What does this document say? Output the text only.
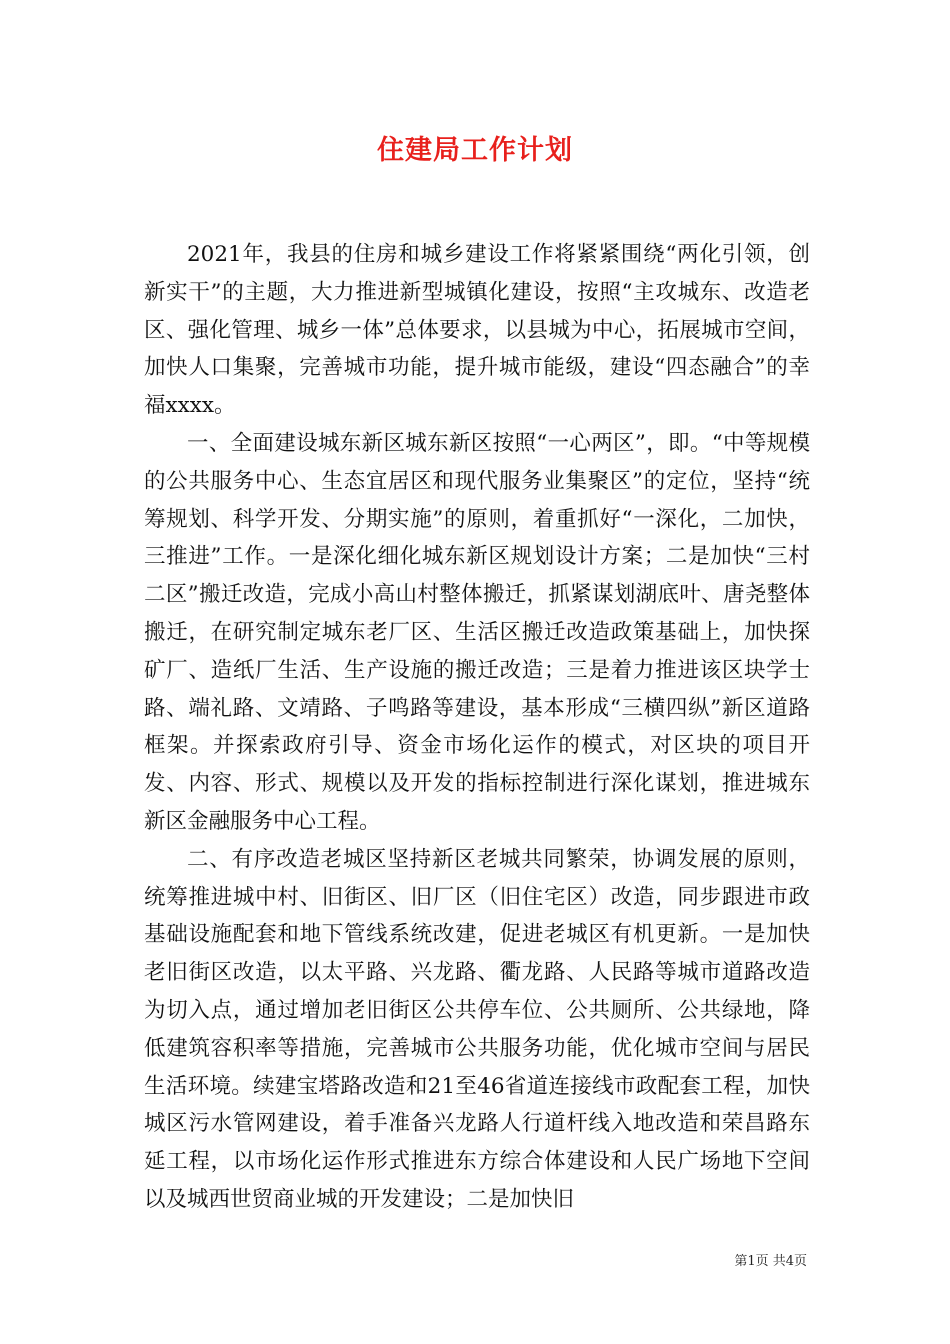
住建局工作计划

2021年，我县的住房和城乡建设工作将紧紧围绕“两化引领，创新实干”的主题，大力推进新型城镇化建设，按照“主攻城东、改造老区、强化管理、城乡一体”总体要求，以县城为中心，拓展城市空间，加快人口集聚，完善城市功能，提升城市能级，建设“四态融合”的幸福xxxx。

一、全面建设城东新区城东新区按照“一心两区”，即。“中等规模的公共服务中心、生态宜居区和现代服务业集聚区”的定位，坚持“统筹规划、科学开发、分期实施”的原则，着重抓好“一深化，二加快，三推进”工作。一是深化细化城东新区规划设计方案；二是加快“三村二区”搬迁改造，完成小高山村整体搬迁，抓紧谋划湖底叶、唐尧整体搬迁，在研究制定城东老厂区、生活区搬迁改造政策基础上，加快探矿厂、造纸厂生活、生产设施的搬迁改造；三是着力推进该区块学士路、端礼路、文靖路、子鸣路等建设，基本形成“三横四纵”新区道路框架。并探索政府引导、资金市场化运作的模式，对区块的项目开发、内容、形式、规模以及开发的指标控制进行深化谋划，推进城东新区金融服务中心工程。

二、有序改造老城区坚持新区老城共同繁荣，协调发展的原则，统筹推进城中村、旧街区、旧厂区（旧住宅区）改造，同步跟进市政基础设施配套和地下管线系统改建，促进老城区有机更新。一是加快老旧街区改造，以太平路、兴龙路、衢龙路、人民路等城市道路改造为切入点，通过增加老旧街区公共停车位、公共厕所、公共绿地，降低建筑容积率等措施，完善城市公共服务功能，优化城市空间与居民生活环境。续建宝塔路改造和21至46省道连接线市政配套工程，加快城区污水管网建设，着手准备兴龙路人行道杆线入地改造和荣昌路东延工程，以市场化运作形式推进东方综合体建设和人民广场地下空间以及城西世贸商业城的开发建设；二是加快旧

第1页 共4页
